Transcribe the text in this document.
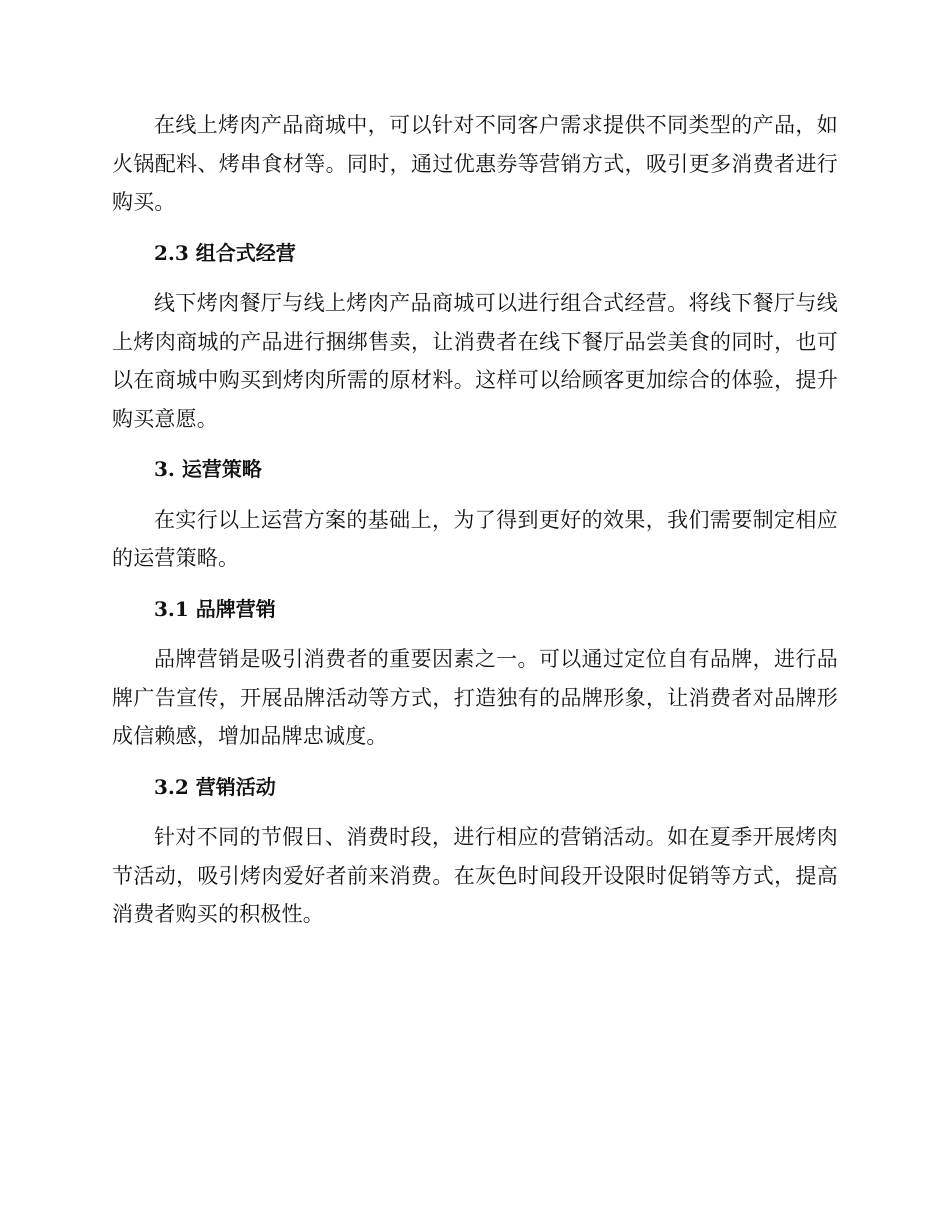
在线上烤肉产品商城中，可以针对不同客户需求提供不同类型的产品，如火锅配料、烤串食材等。同时，通过优惠券等营销方式，吸引更多消费者进行购买。

2.3 组合式经营

线下烤肉餐厅与线上烤肉产品商城可以进行组合式经营。将线下餐厅与线上烤肉商城的产品进行捆绑售卖，让消费者在线下餐厅品尝美食的同时，也可以在商城中购买到烤肉所需的原材料。这样可以给顾客更加综合的体验，提升购买意愿。

3. 运营策略

在实行以上运营方案的基础上，为了得到更好的效果，我们需要制定相应的运营策略。

3.1 品牌营销

品牌营销是吸引消费者的重要因素之一。可以通过定位自有品牌，进行品牌广告宣传，开展品牌活动等方式，打造独有的品牌形象，让消费者对品牌形成信赖感，增加品牌忠诚度。

3.2 营销活动

针对不同的节假日、消费时段，进行相应的营销活动。如在夏季开展烤肉节活动，吸引烤肉爱好者前来消费。在灰色时间段开设限时促销等方式，提高消费者购买的积极性。
